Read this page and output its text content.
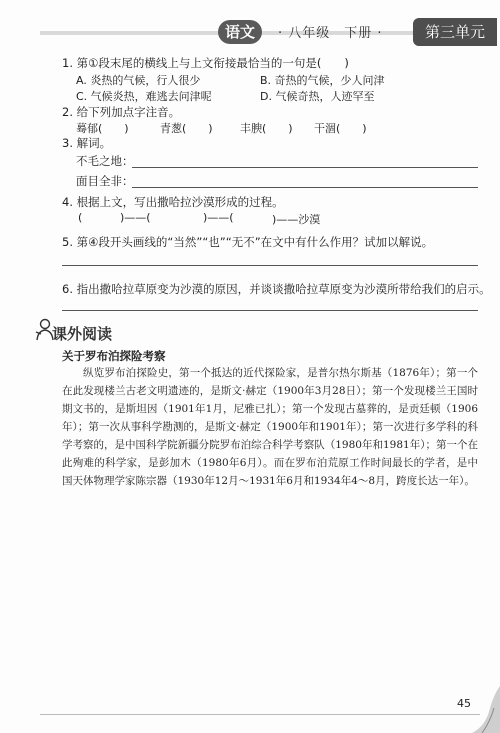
语文	· 八年级　下册 ·	第三单元
1. 第①段末尾的横线上与上文衔接最恰当的一句是(　　)
A. 炎热的气候，行人很少	B. 奇热的气候，少人问津
C. 气候炎热，难逃去问津呢	D. 气候奇热，人迹罕至
2. 给下列加点字注音。
蓦郁(　　)	青葱(　　) 丰腴(　　) 干涸(　　)
3. 解词。
不毛之地：
面目全非：
4. 根据上文，写出撒哈拉沙漠形成的过程。
(	)——(	)——(	)——沙漠
5. 第④段开头画线的“当然”“也”“无不”在文中有什么作用？试加以解说。
6. 指出撒哈拉草原变为沙漠的原因，并谈谈撒哈拉草原变为沙漠所带给我们的启示。
课外阅读
关于罗布泊探险考察
纵览罗布泊探险史，第一个抵达的近代探险家，是普尔热尔斯基（1876年）；第一个在此发现楼兰古老文明遗迹的，是斯文·赫定（1900年3月28日）；第一个发现楼兰王国时期文书的，是斯坦因（1901年1月，尼雅已扎）；第一个发现古墓葬的，是贡廷顿（1906年）；第一次从事科学勘测的，是斯文·赫定（1900年和1901年）；第一次进行多学科的科学考察的，是中国科学院新疆分院罗布泊综合科学考察队（1980年和1981年）；第一个在此殉难的科学家，是彭加木（1980年6月）。而在罗布泊荒原工作时间最长的学者，是中国天体物理学家陈宗器（1930年12月～1931年6月和1934年4～8月，跨度长达一年）。
45
